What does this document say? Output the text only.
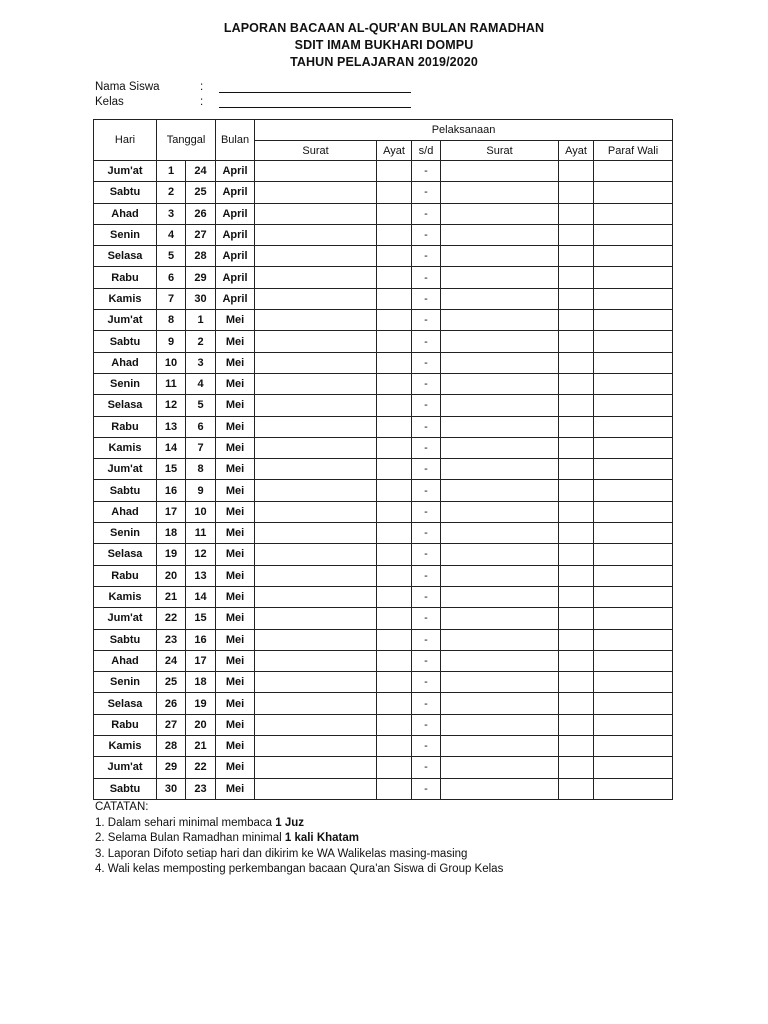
LAPORAN BACAAN AL-QUR'AN BULAN RAMADHAN
SDIT IMAM BUKHARI DOMPU
TAHUN PELAJARAN 2019/2020
Nama Siswa	:
Kelas	:
Hari	Tanggal		Bulan	Pelaksanaan					
				Surat	Ayat	s/d	Surat	Ayat	Paraf Wali
Jum'at	1	24	April			-			
Sabtu	2	25	April			-			
Ahad	3	26	April			-			
Senin	4	27	April			-			
Selasa	5	28	April			-			
Rabu	6	29	April			-			
Kamis	7	30	April			-			
Jum'at	8	1	Mei			-			
Sabtu	9	2	Mei			-			
Ahad	10	3	Mei			-			
Senin	11	4	Mei			-			
Selasa	12	5	Mei			-			
Rabu	13	6	Mei			-			
Kamis	14	7	Mei			-			
Jum'at	15	8	Mei			-			
Sabtu	16	9	Mei			-			
Ahad	17	10	Mei			-			
Senin	18	11	Mei			-			
Selasa	19	12	Mei			-			
Rabu	20	13	Mei			-			
Kamis	21	14	Mei			-			
Jum'at	22	15	Mei			-			
Sabtu	23	16	Mei			-			
Ahad	24	17	Mei			-			
Senin	25	18	Mei			-			
Selasa	26	19	Mei			-			
Rabu	27	20	Mei			-			
Kamis	28	21	Mei			-			
Jum'at	29	22	Mei			-			
Sabtu	30	23	Mei			-			
CATATAN:
1. Dalam sehari minimal membaca 1 Juz
2. Selama Bulan Ramadhan minimal 1 kali Khatam
3. Laporan Difoto setiap hari dan dikirim ke WA Walikelas masing-masing
4. Wali kelas memposting perkembangan bacaan Qura'an Siswa di Group Kelas
